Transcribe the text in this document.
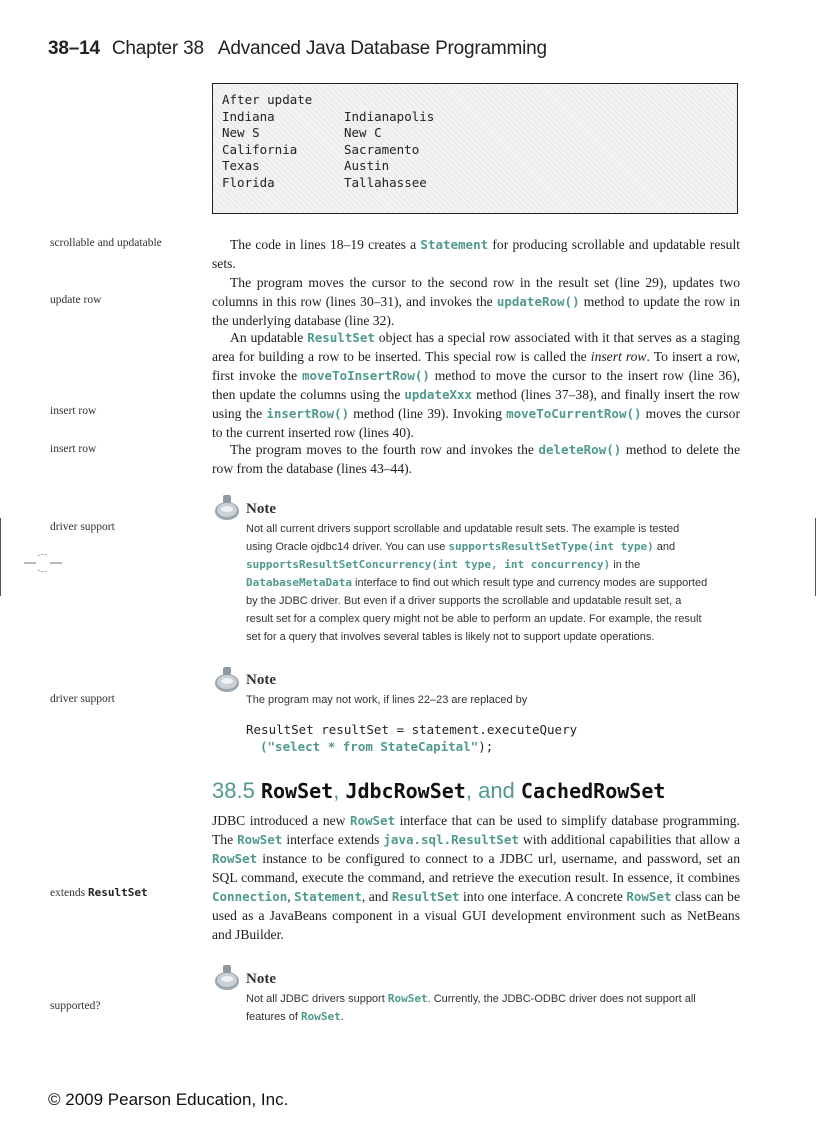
38–14 Chapter 38 Advanced Java Database Programming
After update
Indiana	Indianapolis
New S	New C
California	Sacramento
Texas	Austin
Florida	Tallahassee
scrollable and updatable
update row
insert row
insert row
driver support
driver support
extends ResultSet
supported?
The code in lines 18–19 creates a Statement for producing scrollable and updatable result sets.
The program moves the cursor to the second row in the result set (line 29), updates two columns in this row (lines 30–31), and invokes the updateRow() method to update the row in the underlying database (line 32).
An updatable ResultSet object has a special row associated with it that serves as a staging area for building a row to be inserted. This special row is called the insert row. To insert a row, first invoke the moveToInsertRow() method to move the cursor to the insert row (line 36), then update the columns using the updateXxx method (lines 37–38), and finally insert the row using the insertRow() method (line 39). Invoking moveToCurrentRow() moves the cursor to the current inserted row (lines 40).
The program moves to the fourth row and invokes the deleteRow() method to delete the row from the database (lines 43–44).
Note
Not all current drivers support scrollable and updatable result sets. The example is tested using Oracle ojdbc14 driver. You can use supportsResultSetType(int type) and supportsResultSetConcurrency(int type, int concurrency) in the DatabaseMetaData interface to find out which result type and currency modes are supported by the JDBC driver. But even if a driver supports the scrollable and updatable result set, a result set for a complex query might not be able to perform an update. For example, the result set for a query that involves several tables is likely not to support update operations.
Note
The program may not work, if lines 22–23 are replaced by
ResultSet resultSet = statement.executeQuery
("select * from StateCapital");
38.5 RowSet, JdbcRowSet, and CachedRowSet
JDBC introduced a new RowSet interface that can be used to simplify database programming. The RowSet interface extends java.sql.ResultSet with additional capabilities that allow a RowSet instance to be configured to connect to a JDBC url, username, and password, set an SQL command, execute the command, and retrieve the execution result. In essence, it combines Connection, Statement, and ResultSet into one interface. A concrete RowSet class can be used as a JavaBeans component in a visual GUI development environment such as NetBeans and JBuilder.
Note
Not all JDBC drivers support RowSet. Currently, the JDBC-ODBC driver does not support all features of RowSet.
© 2009 Pearson Education, Inc.
